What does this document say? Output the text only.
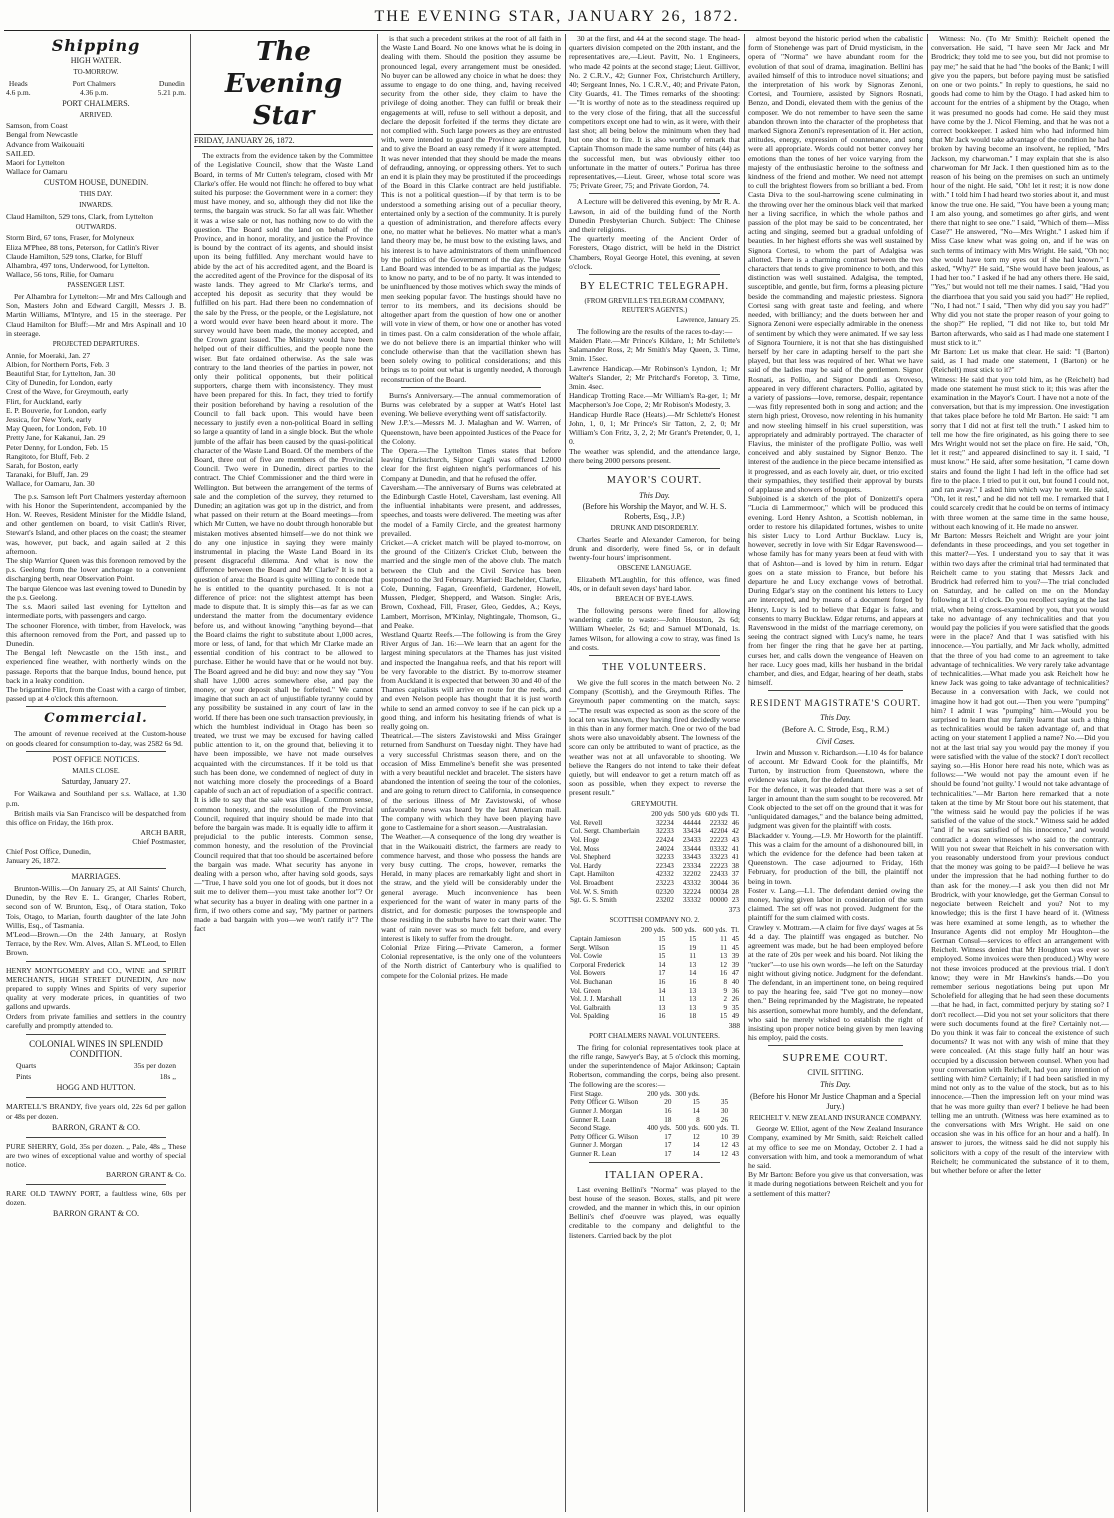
THE EVENING STAR, JANUARY 26, 1872.
Shipping
HIGH WATER.
TO-MORROW.
Heads
4.6 p.m.
Port Chalmers
4.36 p.m.
Dunedin
5.21 p.m.
PORT CHALMERS.
ARRIVED.
Samson, from Coast
Bengal from Newcastle
Advance from Waikouaiti
SAILED.
Maori for Lyttelton
Wallace for Oamaru
CUSTOM HOUSE, DUNEDIN.
THIS DAY.
INWARDS.
Claud Hamilton, 529 tons, Clark, from Lyttelton
OUTWARDS.
Storm Bird, 67 tons, Fraser, for Molyneux
Eliza M'Phee, 88 tons, Peterson, for Catlin's River
Claude Hamilton, 529 tons, Clarke, for Bluff
Alhambra, 497 tons, Underwood, for Lyttelton.
Wallace, 56 tons, Rilie, for Oamaru
PASSENGER LIST.

Per Alhambra for Lyttelton:—Mr and Mrs Callough and Son, Masters John and Edward Cargill, Messrs J. B. Martin Williams, M'Intyre, and 15 in the steerage. Per Claud Hamilton for Bluff:—Mr and Mrs Aspinall and 10 in steerage.

PROJECTED DEPARTURES.
Annie, for Moeraki, Jan. 27
Albion, for Northern Ports, Feb. 3
Beautiful Star, for Lyttelton, Jan. 30
City of Dunedin, for London, early
Crest of the Wave, for Greymouth, early
Flirt, for Auckland, early
E. P. Bouverie, for London, early
Jessica, for New York, early
May Queen, for London, Feb. 10
Pretty Jane, for Kakanui, Jan. 29
Peter Denny, for London, Feb. 15
Rangitoto, for Bluff, Feb. 2
Sarah, for Boston, early
Taranaki, for Bluff, Jan. 29
Wallace, for Oamaru, Jan. 30

The p.s. Samson left Port Chalmers yesterday afternoon with his Honor the Superintendent, accompanied by the Hon. W. Reeves, Resident Minister for the Middle Island, and other gentlemen on board, to visit Catlin's River, Stewart's Island, and other places on the coast; the steamer was, however, put back, and again sailed at 2 this afternoon.
The ship Warrior Queen was this forenoon removed by the p.s. Geelong from the lower anchorage to a convenient discharging berth, near Observation Point.
The barque Glencoe was last evening towed to Dunedin by the p.s. Geelong.
The s.s. Maori sailed last evening for Lyttelton and intermediate ports, with passengers and cargo.
The schooner Florence, with timber, from Havelock, was this afternoon removed from the Port, and passed up to Dunedin.
The Bengal left Newcastle on the 15th inst., and experienced fine weather, with northerly winds on the passage. Reports that the barque Indus, bound hence, put back in a leaky condition.
The brigantine Flirt, from the Coast with a cargo of timber, passed up at 4 o'clock this afternoon.

Commercial.

The amount of revenue received at the Custom-house on goods cleared for consumption to-day, was 2582 6s 9d.

POST OFFICE NOTICES.
MAILS CLOSE.
Saturday, January 27.

For Waikawa and Southland per s.s. Wallace, at 1.30 p.m.

British mails via San Francisco will be despatched from this office on Friday, the 16th prox.

ARCH BARR,
Chief Postmaster,
Chief Post Office, Dunedin,
January 26, 1872.
MARRIAGES.

Brunton-Willis.—On January 25, at All Saints' Church, Dunedin, by the Rev E. L. Granger, Charles Robert, second son of W. Brunton, Esq., of Otara station, Toko Tois, Otago, to Marian, fourth daughter of the late John Willis, Esq., of Tasmania.
M'Leod—Brown.—On the 24th January, at Roslyn Terrace, by the Rev. Wm. Alves, Allan S. M'Leod, to Ellen Brown.

HENRY MONTGOMERY and CO., WINE and SPIRIT MERCHANTS, HIGH STREET DUNEDIN, Are now prepared to supply Wines and Spirits of very superior quality at very moderate prices, in quantities of two gallons and upwards.
Orders from private families and settlers in the country carefully and promptly attended to.

COLONIAL WINES IN SPLENDID CONDITION.
Quarts	35s per dozen
Pints	18s ,,
HOGG AND HUTTON.

MARTELL'S BRANDY, five years old, 22s 6d per gallon or 48s per dozen.

BARRON, GRANT & CO.

PURE SHERRY, Gold, 35s per dozen. ,, Pale, 48s ,, These are two wines of exceptional value and worthy of special notice.

BARRON GRANT & Co.

RARE OLD TAWNY PORT, a faultless wine, 60s per dozen.

BARRON GRANT & CO.
The Evening Star
FRIDAY, JANUARY 26, 1872.

The extracts from the evidence taken by the Committee of the Legislative Council, show that the Waste Land Board, in terms of Mr Cutten's telegram, closed with Mr Clarke's offer. He would not flinch: he offered to buy what suited his purpose: the Government were in a corner: they must have money, and so, although they did not like the terms, the bargain was struck. So far all was fair. Whether it was a wise sale or not, has nothing now to do with the question. The Board sold the land on behalf of the Province, and in honor, morality, and justice the Province is bound by the contract of its agents, and should insist upon its being fulfilled. Any merchant would have to abide by the act of his accredited agent, and the Board is the accredited agent of the Province for the disposal of its waste lands. They agreed to Mr Clarke's terms, and accepted his deposit as security that they would be fulfilled on his part. Had there been no condemnation of the sale by the Press, or the people, or the Legislature, not a word would ever have been heard about it more. The survey would have been made, the money accepted, and the Crown grant issued. The Ministry would have been helped out of their difficulties, and the people none the wiser. But fate ordained otherwise. As the sale was contrary to the land theories of the parties in power, not only their political opponents, but their political supporters, charge them with inconsistency. They must have been prepared for this. In fact, they tried to fortify their position beforehand by having a resolution of the Council to fall back upon. This would have been necessary to justify even a non-political Board in selling so large a quantity of land in a single block. But the whole jumble of the affair has been caused by the quasi-political character of the Waste Land Board. Of the members of the Board, three out of five are members of the Provincial Council. Two were in Dunedin, direct parties to the contract. The Chief Commissioner and the third were in Wellington. But between the arrangement of the terms of sale and the completion of the survey, they returned to Dunedin; an agitation was got up in the district, and from what passed on their return at the Board meetings—from which Mr Cutten, we have no doubt through honorable but mistaken motives absented himself—we do not think we do any one injustice in saying they were mainly instrumental in placing the Waste Land Board in its present disgraceful dilemma. And what is now the difference between the Board and Mr Clarke? It is not a question of area: the Board is quite willing to concede that he is entitled to the quantity purchased. It is not a difference of price: not the slightest attempt has been made to dispute that. It is simply this—as far as we can understand the matter from the documentary evidence before us, and without knowing "anything beyond—that the Board claims the right to substitute about 1,000 acres, more or less, of land, for that which Mr Clarke made an essential condition of his contract to be allowed to purchase. Either he would have that or he would not buy. The Board agreed and he did buy: and now they say "You shall have 1,000 acres somewhere else, and pay the money, or your deposit shall be forfeited." We cannot imagine that such an act of unjustifiable tyranny could by any possibility be sustained in any court of law in the world. If there has been one such transaction previously, in which the humblest individual in Otago has been so treated, we trust we may be excused for having called public attention to it, on the ground that, believing it to have been impossible, we have not made ourselves acquainted with the circumstances. If it be told us that such has been done, we condemned of neglect of duty in not watching more closely the proceedings of a Board capable of such an act of repudiation of a specific contract. It is idle to say that the sale was illegal. Common sense, common honesty, and the resolution of the Provincial Council, required that inquiry should be made into that before the bargain was made. It is equally idle to affirm it prejudicial to the public interests. Common sense, common honesty, and the resolution of the Provincial Council required that that too should be ascertained before the bargain was made. What security has anyone in dealing with a person who, after having sold goods, says—"True, I have sold you one lot of goods, but it does not suit me to deliver them—you must take another lot"? Or what security has a buyer in dealing with one partner in a firm, if two others come and say, "My partner or partners made a bad bargain with you—we won't ratify it"? The fact

is that such a precedent strikes at the root of all faith in the Waste Land Board. No one knows what he is doing in dealing with them. Should the position they assume be pronounced legal, every arrangement must be onesided. No buyer can be allowed any choice in what he does: they assume to engage to do one thing, and, having received security from the other side, they claim to have the privilege of doing another. They can fulfil or break their engagements at will, refuse to sell without a deposit, and declare the deposit forfeited if the terms they dictate are not complied with. Such large powers as they are entrusted with, were intended to guard the Province against fraud, and to give the Board an easy remedy if it were attempted. It was never intended that they should be made the means of defrauding, annoying, or oppressing others. Yet to such an end it is plain they may be prostituted if the proceedings of the Board in this Clarke contract are held justifiable. This is not a political question—if by that term is to be understood a something arising out of a peculiar theory, entertained only by a section of the community. It is purely a question of administration, and therefore affects every one, no matter what he believes. No matter what a man's land theory may be, he must bow to the existing laws, and his interest is to have administrators of them uninfluenced by the politics of the Government of the day. The Waste Land Board was intended to be as impartial as the judges; to know no party, and to be of no party. It was intended to be uninfluenced by those motives which sway the minds of men seeking popular favor. The hustings should have no terror to its members, and its decisions should be altogether apart from the question of how one or another will vote in view of them, or how one or another has voted in times past. On a calm consideration of the whole affair, we do not believe there is an impartial thinker who will conclude otherwise than that the vacillation shewn has been solely owing to political considerations; and this brings us to point out what is urgently needed, A thorough reconstruction of the Board.

Burns's Anniversary.—The annual commemoration of Burns was celebrated by a supper at Watt's Hotel last evening. We believe everything went off satisfactorily.
New J.P.'s.—Messrs M. J. Malaghan and W. Warren, of Queenstown, have been appointed Justices of the Peace for the Colony.
The Opera.—The Lyttelton Times states that before leaving Christchurch, Signor Cagli was offered L2000 clear for the first eighteen night's performances of his Company at Dunedin, and that he refused the offer.
Caversham.—The anniversary of Burns was celebrated at the Edinburgh Castle Hotel, Caversham, last evening. All the influential inhabitants were present, and addresses, speeches, and toasts were delivered. The meeting was after the model of a Family Circle, and the greatest harmony prevailed.
Cricket.—A cricket match will be played to-morrow, on the ground of the Citizen's Cricket Club, between the married and the single men of the above club. The match between the Club and the Civil Service has been postponed to the 3rd February. Married: Bachelder, Clarke, Cole, Dunning, Fagan, Greenfield, Gardener, Howell, Mussen, Pledger, Shepperd, and Watson. Single: Aris, Brown, Coxhead, Fill, Fraser, Gleo, Geddes, A.; Keys, Lambert, Morrison, M'Kinlay, Nightingale, Thomson, G., and Peake.
Westland Quartz Reefs.—The following is from the Grey River Argus of Jan. 16:—We learn that an agent for the largest mining speculators at the Thames has just visited and inspected the Inangahua reefs, and that his report will be very favorable to the district. By to-morrow steamer from Auckland it is expected that between 30 and 40 of the Thames capitalists will arrive en route for the reefs, and and even Nelson people has thought that it is just worth while to send an armed convoy to see if he can pick up a good thing, and inform his hesitating friends of what is really going on.
Theatrical.—The sisters Zavistowski and Miss Grainger returned from Sandhurst on Tuesday night. They have had a very successful Christmas season there, and on the occasion of Miss Emmeline's benefit she was presented with a very beautiful necklet and bracelet. The sisters have abandoned the intention of seeing the tour of the colonies, and are going to return direct to California, in consequence of the serious illness of Mr Zavistowski, of whose unfavorable news was heard by the last American mail. The company with which they have been playing have gone to Castlemaine for a short season.—Australasian.
The Weather.—A consequence of the long dry weather is that in the Waikouaiti district, the farmers are ready to commence harvest, and those who possess the hands are very busy cutting. The crops, however, remarks the Herald, in many places are remarkably light and short in the straw, and the yield will be considerably under the general average. Much inconvenience has been experienced for the want of water in many parts of the district, and for domestic purposes the townspeople and those residing in the suburbs have to cart their water. The want of rain never was so much felt before, and every interest is likely to suffer from the drought.
Colonial Prize Firing.—Private Cameron, a former Colonial representative, is the only one of the volunteers of the North district of Canterbury who is qualified to compete for the Colonial prizes. He made

30 at the first, and 44 at the second stage. The head-quarters division competed on the 20th instant, and the representatives are,—Lieut. Pavitt, No. 1 Engineers, who made 42 points at the second stage; Lieut. Gillivor, No. 2 C.R.V., 42; Gunner Fox, Christchurch Artillery, 40; Sergeant Innes, No. 1 C.R.V., 40; and Private Paton, City Guards, 41. The Times remarks of the shooting:—"It is worthy of note as to the steadiness required up to the very close of the firing, that all the successful competitors except one had to win, as it were, with their last shot; all being below the minimum when they had but one shot to fire. It is also worthy of remark that Captain Thomson made the same number of hits (44) as the successful men, but was obviously either too unfortunate in the matter of outers." Porirua has three representatives,—Lieut. Greer, whose total score was 75; Private Greer, 75; and Private Gordon, 74.

A Lecture will be delivered this evening, by Mr R. A. Lawson, in aid of the building fund of the North Dunedin Presbyterian Church. Subject: The Chinese and their religions.
The quarterly meeting of the Ancient Order of Foresters, Otago district, will be held in the District Chambers, Royal George Hotel, this evening, at seven o'clock.

BY ELECTRIC TELEGRAPH.
(FROM GREVILLE'S TELEGRAM COMPANY, REUTER'S AGENTS.)
Lawrence, January 25.

The following are the results of the races to-day:—
Maiden Plate.—Mr Prince's Kildare, 1; Mr Schilette's Salamander Ross, 2; Mr Smith's May Queen, 3. Time, 3min. 15sec.
Lawrence Handicap.—Mr Robinson's Lyndon, 1; Mr Walter's Slander, 2; Mr Pritchard's Foretop, 3. Time, 3min. 4sec.
Handicap Trotting Race.—Mr William's Ra-ger, 1; Mr Macpherson's Joe Cope, 2; Mr Robison's Modesty, 3.
Handicap Hurdle Race (Heats).—Mr Schlette's Honest John, 1, 0, 1; Mr Prince's Sir Tatton, 2, 2, 0; Mr William's Con Fritz, 3, 2, 2; Mr Grant's Pretender, 0, 1, 0.
The weather was splendid, and the attendance large, there being 2000 persons present.

MAYOR'S COURT.
This Day.
(Before his Worship the Mayor, and W. H. S. Roberts, Esq., J.P.)
DRUNK AND DISORDERLY.

Charles Searle and Alexander Cameron, for being drunk and disorderly, were fined 5s, or in default twenty-four hours' imprisonment.

OBSCENE LANGUAGE.

Elizabeth M'Laughlin, for this offence, was fined 40s, or in default seven days' hard labor.

BREACH OF BYE-LAWS.

The following persons were fined for allowing wandering cattle to waste:—John Houston, 2s 6d; William Wheeler, 2s 6d; and Samuel M'Donald, 1s. James Wilson, for allowing a cow to stray, was fined 1s and costs.

THE VOLUNTEERS.

We give the full scores in the match between No. 2 Company (Scottish), and the Greymouth Rifles. The Greymouth paper commenting on the match, says:—"The result was expected as soon as the score of the local ten was known, they having fired decidedly worse in this than in any former match. One or two of the bad shots were also unavoidably absent. The lowness of the score can only be attributed to want of practice, as the weather was not at all unfavorable to shooting. We believe the Rangers do not intend to take their defeat quietly, but will endeavor to get a return match off as soon as possible, when they expect to reverse the present result."

GREYMOUTH.
	200 yds	500 yds	600 yds	Tl.
Vol. Revell	32234	44444	22332	46
Col. Sergt. Chamberlain	32233	33434	42204	42
Vol. Hoge	22424	23433	22223	43
Vol. Moss	24024	33444	03332	41
Vol. Shepherd	32233	33443	33223	41
Vol. Hardy	22343	23334	22223	38
Capt. Hamilton	42332	32202	22433	37
Vol. Broadbent	23223	43332	30044	36
Vol. W. S. Smith	02320	32224	00034	28
Sgt. G. S. Smith	23202	33332	00000	23
373
SCOTTISH COMPANY NO. 2.
	200 yds.	500 yds.	600 yds.	Tl.
Captain Jamieson	15	15	11	45
Sergt. Wilson	15	19	11	45
Vol. Cowie	15	11	13	39
Corporal Frederick	14	13	12	39
Vol. Bowers	17	14	16	47
Vol. Buchanan	16	16	8	40
Vol. Green	14	13	9	36
Vol. J. J. Marshall	11	13	2	26
Vol. Galbraith	13	13	9	35
Vol. Spalding	16	18	15	49
388
PORT CHALMERS NAVAL VOLUNTEERS.

The firing for colonial representatives took place at the rifle range, Sawyer's Bay, at 5 o'clock this morning, under the superintendence of Major Atkinson; Captain Robertson, commanding the corps, being also present. The following are the scores:—

First Stage.	200 yds.	300 yds.		
Petty Officer G. Wilson	20	15	35	
Gunner J. Morgan	16	14	30	
Gunner R. Lean	18	8	26	
Second Stage.	400 yds.	500 yds.	600 yds.	Tl.
Petty Officer G. Wilson	17	12	10	39
Gunner J. Morgan	17	14	12	43
Gunner R. Lean	17	14	12	43
ITALIAN OPERA.

Last evening Bellini's "Norma" was played to the best house of the season. Boxes, stalls, and pit were crowded, and the manner in which this, in our opinion Bellini's chef d'oeuvre was played, was equally creditable to the company and delightful to the listeners. Carried back by the plot

almost beyond the historic period when the cabalistic form of Stonehenge was part of Druid mysticism, in the opera of "Norma" we have abundant room for the evolution of that soul of drama, imagination. Bellini has availed himself of this to introduce novel situations; and the interpretation of his work by Signoras Zenoni, Cortesi, and Tourniere, assisted by Signors Rosnati, Benzo, and Dondi, elevated them with the genius of the composer. We do not remember to have seen the same abandon thrown into the character of the prophetess that marked Signora Zenoni's representation of it. Her action, attitudes, energy, expression of countenance, and song were all appropriate. Words could not better convey her emotions than the tones of her voice varying from the majesty of the enthusiastic heroine to the softness and kindness of the friend and mother. We need not attempt to cull the brightest flowers from so brilliant a bed. From Casta Diva to the soul-harrowing scene culminating in the throwing over her the ominous black veil that marked her a living sacrifice, in which the whole pathos and passion of the plot may be said to be concentrated, her acting and singing, seemed but a gradual unfolding of beauties. In her highest efforts she was well sustained by Signora Cortesi, to whom the part of Adalgisa was allotted. There is a charming contrast between the two characters that tends to give prominence to both, and this distinction was well sustained. Adalgisa, the tempted, susceptible, and gentle, but firm, forms a pleasing picture beside the commanding and majestic priestess. Signora Cortesi sang with great taste and feeling, and where needed, with brilliancy; and the duets between her and Signora Zenoni were especially admirable in the oneness of sentiment by which they were animated. If we say less of Signora Tourniere, it is not that she has distinguished herself by her care in adapting herself to the part she played, but that less was required of her. What we have said of the ladies may be said of the gentlemen. Signor Rosnati, as Pollio, and Signor Dondi as Oroveso, appeared in very different characters. Pollio, agitated by a variety of passions—love, remorse, despair, repentance—was fitly represented both in song and action; and the stern high priest, Oroveso, now relenting in his humanity and now steeling himself in his cruel superstition, was appropriately and admirably portrayed. The character of Flavius, the minister of the profligate Pollio, was well conceived and ably sustained by Signor Benzo. The interest of the audience in the piece became intensified as it progressed, and as each lovely air, duet, or trio excited their sympathies, they testified their approval by bursts of applause and showers of bouquets.
Subjoined is a sketch of the plot of Donizetti's opera "Lucia di Lammermoor," which will be produced this evening. Lord Henry Ashton, a Scottish nobleman, in order to restore his dilapidated fortunes, wishes to unite his sister Lucy to Lord Arthur Bucklaw. Lucy is, however, secretly in love with Sir Edgar Ravenswood—whose family has for many years been at feud with with that of Ashton—and is loved by him in return. Edgar goes on a state mission to France, but before his departure he and Lucy exchange vows of betrothal. During Edgar's stay on the continent his letters to Lucy are intercepted, and by means of a document forged by Henry, Lucy is led to believe that Edgar is false, and consents to marry Bucklaw. Edgar returns, and appears at Ravenswood in the midst of the marriage ceremony, on seeing the contract signed with Lucy's name, he tears from her finger the ring that he gave her at parting, curses her, and calls down the vengeance of Heaven on her race. Lucy goes mad, kills her husband in the bridal chamber, and dies, and Edgar, hearing of her death, stabs himself.

RESIDENT MAGISTRATE'S COURT.
This Day.
(Before A. C. Strode, Esq., R.M.)
Civil Cases.

Irwin and Musson v. Richardson.—L10 4s for balance of account. Mr Edward Cook for the plaintiffs, Mr Turton, by instruction from Queenstown, where the evidence was taken, for the defendant.
For the defence, it was pleaded that there was a set of larger in amount than the sum sought to be recovered. Mr Cook objected to the set off on the ground that it was for "unliquidated damages," and the balance being admitted, judgment was given for the plaintiff with costs.
Blackadder v. Young.—L9. Mr Howorth for the plaintiff. This was a claim for the amount of a dishonoured bill, in which the evidence for the defence had been taken at Queenstown. The case adjourned to Friday, 16th February, for production of the bill, the plaintiff not being in town.
Foster v. Lang.—L1. The defendant denied owing the money, having given labor in consideration of the sum claimed. The set off was not proved. Judgment for the plaintiff for the sum claimed with costs.
Crawley v. Mottram.—A claim for five days' wages at 5s 4d a day. The plaintiff was engaged as butcher. No agreement was made, but he had been employed before at the rate of 20s per week and his board. Not liking the "tucker"—to use his own words—he left on the Saturday night without giving notice. Judgment for the defendant. The defendant, in an impertinent tone, on being required to pay the hearing fee, said "I've got no money—now then." Being reprimanded by the Magistrate, he repeated his assertion, somewhat more humbly, and the defendant, who said he merely wished to establish the right of insisting upon proper notice being given by men leaving his employ, paid the costs.

SUPREME COURT.
CIVIL SITTING.
This Day.
(Before his Honor Mr Justice Chapman and a Special Jury.)
REICHELT V. NEW ZEALAND INSURANCE COMPANY.

George W. Elliot, agent of the New Zealand Insurance Company, examined by Mr Smith, said: Reichelt called at my office to see me on Monday, October 2. I had a conversation with him, and took a memorandum of what he said.
By Mr Barton: Before you give us that conversation, was it made during negotiations between Reichelt and you for a settlement of this matter?

Witness: No. (To Mr Smith): Reichelt opened the conversation. He said, "I have seen Mr Jack and Mr Brodrick; they told me to see you, but did not promise to pay me;" he said that he had "the books of the Bank; I will give you the papers, but before paying must be satisfied on one or two points." In reply to questions, he said no goods had come to him by the Otago. I had asked him to account for the entries of a shipment by the Otago, when it was presumed no goods had come. He said they must have come by the J. Nicol Fleming, and that he was not a correct bookkeeper. I asked him who had informed him that Mr Jack would take advantage of the condition he had broken by having become an insolvent, he replied, "Mrs Jackson, my charwoman." I may explain that she is also charwoman for Mr Jack. I then questioned him as to the reason of his being on the premises on such an untimely hour of the night. He said, "Oh! let it rest; it is now done with." I told him I had heard two stories about it, and must know the true one. He said, "You have been a young man; I am also young, and sometimes go after girls, and went there that night to see one." I said, "Which of them—Miss Case?" He answered, "No—Mrs Wright." I asked him if Miss Case knew what was going on, and if he was on such terms of intimacy with Mrs Wright. He said, "Oh no; she would have torn my eyes out if she had known." I asked, "Why?" He said, "She would have been jealous, as I had her too." I asked if he had any others there. He said, "Yes," but would not tell me their names. I said, "Had you the diarrhoea that you said you said you had?" He replied, "No, I had not." I said, "Then why did you say you had?" Why did you not state the proper reason of your going to the shop?" He replied, "I did not like to, but told Mr Barton afterwards, who said as I had made one statement I must stick to it."
Mr Barton: Let us make that clear. He said: "I (Barton) said, as I had made one statement, I (Barton) or he (Reichelt) must stick to it?"
Witness: He said that you told him, as he (Reichelt) had made one statement he must stick to it; this was after the examination in the Mayor's Court. I have not a note of the conversation, but that is my impression. One investigation that takes place before he told Mr Barton. He said: "I am sorry that I did not at first tell the truth." I asked him to tell me how the fire originated, as his going there to see Mrs Wright would not set the place on fire. He said, "Oh, let it rest;" and appeared disinclined to say it. I said, "I must know." He said, after some hesitation, "I came down stairs and found the light I had left in the office had set fire to the place. I tried to put it out, but found I could not, and ran away." I asked him which way he went. He said, "Oh, let it rest," and he did not tell me. I remarked that I could scarcely credit that he could be on terms of intimacy with three women at the same time in the same house, without each knowing of it. He made no answer.
Mr Barton: Messrs Reichelt and Wright are your joint defendants in these proceedings, and you set together in this matter?—Yes. I understand you to say that it was within two days after the criminal trial had terminated that Reichelt came to you stating that Messrs Jack and Brodrick had referred him to you?—The trial concluded on Saturday, and he called on me on the Monday following at 11 o'clock. Do you recollect saying at the last trial, when being cross-examined by you, that you would take no advantage of any technicalities and that you would pay the policies if you were satisfied that the goods were in the place? And that I was satisfied with his innocence.—You partially, and Mr Jack wholly, admitted that the three of you had come to an agreement to take advantage of technicalities. We very rarely take advantage of technicalities.—What made you ask Reichelt how he knew Jack was going to take advantage of technicalities? Because in a conversation with Jack, we could not imagine how it had got out.—Then you were "pumping" him? I admit I was "pumping" him.—Would you be surprised to learn that my family learnt that such a thing as technicalities would be taken advantage of, and that acting on your statement I applied a name? No.—Did you not at the last trial say you would pay the money if you were satisfied with the value of the stock? I don't recollect saying so.—His Honor here read his note, which was as follows:—"We would not pay the amount even if he should be found 'not guilty.' I would not take advantage of technicalities."—Mr Barton here remarked that a note taken at the time by Mr Stout bore out his statement, that "the witness said he would pay the policies if he was satisfied of the value of the stock." Witness said he added "and if he was satisfied of his innocence," and would contradict a dozen witnesses who said to the contrary. Will you not swear that Reichelt in his conversation with you reasonably understood from your previous conduct that the money was going to be paid?—I believe he was under the impression that he had nothing further to do than ask for the money.—I ask you then did not Mr Brodrick, with your knowledge, get the German Consul to negociate between Reichelt and you? Not to my knowledge; this is the first I have heard of it. (Witness was here examined at some length, as to whether the Insurance Agents did not employ Mr Houghton—the German Consul—services to effect an arrangement with Reichelt. Witness denied that Mr Houghton was ever so employed. Some invoices were then produced.) Why were not these invoices produced at the previous trial. I don't know; they were in Mr Hawkins's hands.—Do you remember serious negotiations being put upon Mr Scholefield for alleging that he had seen these documents—that he had, in fact, committed perjury by stating so? I don't recollect.—Did you not set your solicitors that there were such documents found at the fire? Certainly not.—Do you think it was fair to conceal the existence of such documents? It was not with any wish of mine that they were concealed. (At this stage fully half an hour was occupied by a discussion between counsel. When you had your conversation with Reichelt, had you any intention of settling with him? Certainly; if I had been satisfied in my mind not only as to the value of the stock, but as to his innocence.—Then the impression left on your mind was that he was more guilty than ever? I believe he had been telling me an untruth. (Witness was here examined as to the conversations with Mrs Wright. He said on one occasion she was in his office for an hour and a half). In answer to jurors, the witness said he did not supply his solicitors with a copy of the result of the interview with Reichelt; he communicated the substance of it to them, but whether before or after the letter
